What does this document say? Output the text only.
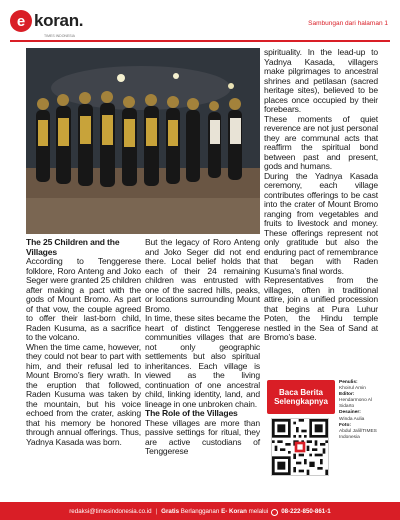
e koran.
TIMES INDONESIA
Sambungan dari halaman 1
The 25 Children and the Villages

According to Tenggerese folklore, Roro Anteng and Joko Seger were granted 25 children after making a pact with the gods of Mount Bromo. As part of that vow, the couple agreed to offer their last-born child, Raden Kusuma, as a sacrifice to the volcano.

When the time came, however, they could not bear to part with him, and their refusal led to Mount Bromo’s fiery wrath. In the eruption that followed, Raden Kusuma was taken by the mountain, but his voice echoed from the crater, asking that his memory be honored through annual offerings. Thus, Yadnya Kasada was born.

But the legacy of Roro Anteng and Joko Seger did not end there. Local belief holds that each of their 24 remaining children was entrusted with one of the sacred hills, peaks, or locations surrounding Mount Bromo.

In time, these sites became the heart of distinct Tenggerese communities villages that are not only geographic settlements but also spiritual inheritances. Each village is viewed as the living continuation of one ancestral child, linking identity, land, and lineage in one unbroken chain.

The Role of the Villages

These villages are more than passive settings for ritual, they are active custodians of Tenggerese

spirituality. In the lead-up to Yadnya Kasada, villagers make pilgrimages to ancestral shrines and petilasan (sacred heritage sites), believed to be places once occupied by their forebears.

These moments of quiet reverence are not just personal they are communal acts that reaffirm the spiritual bond between past and present, gods and humans.

During the Yadnya Kasada ceremony, each village contributes offerings to be cast into the crater of Mount Bromo ranging from vegetables and fruits to livestock and money. These offerings represent not only gratitude but also the enduring pact of remembrance that began with Raden Kusuma’s final words.

Representatives from the villages, often in traditional attire, join a unified procession that begins at Pura Luhur Poten, the Hindu temple nestled in the Sea of Sand at Bromo’s base.

Baca Berita Selengkapnya
Penulis:
Khoirul Amin
Editor:
Hendarmono Al Sidarto
Desainer:
Winda Aulia
Foto:
Abdul Jalil/TIMES Indonesia
redaksi@timesindonesia.co.id | Gratis
Berlangganan
E- Koran
melalui 08-222-850-861-1
